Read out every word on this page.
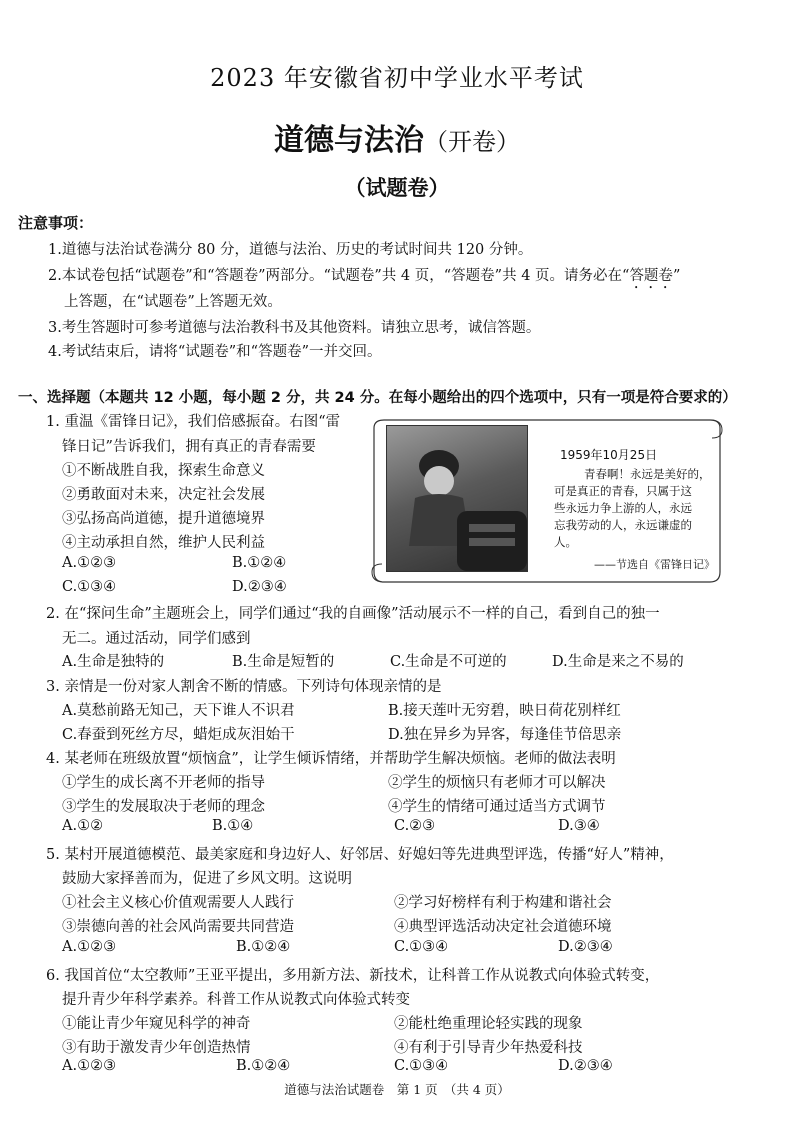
2023 年安徽省初中学业水平考试
道德与法治（开卷）
（试题卷）
注意事项：
1.道德与法治试卷满分 80 分，道德与法治、历史的考试时间共 120 分钟。
2.本试卷包括“试题卷”和“答题卷”两部分。“试题卷”共 4 页，“答题卷”共 4 页。请务必在“答题卷”
上答题，在“试题卷”上答题无效。
3.考生答题时可参考道德与法治教科书及其他资料。请独立思考，诚信答题。
4.考试结束后，请将“试题卷”和“答题卷”一并交回。
一、选择题（本题共 12 小题，每小题 2 分，共 24 分。在每小题给出的四个选项中，只有一项是符合要求的）
1. 重温《雷锋日记》，我们倍感振奋。右图“雷
锋日记”告诉我们，拥有真正的青春需要
①不断战胜自我，探索生命意义
②勇敢面对未来，决定社会发展
③弘扬高尚道德，提升道德境界
④主动承担自然，维护人民利益
A.①②③	B.①②④
C.①③④	D.②③④
1959年10月25日
青春啊！永远是美好的，
可是真正的青春，只属于这
些永远力争上游的人，永远
忘我劳动的人，永远谦虚的
人。
——节选自《雷锋日记》
2. 在“探问生命”主题班会上，同学们通过“我的自画像”活动展示不一样的自己，看到自己的独一
无二。通过活动，同学们感到
A.生命是独特的	B.生命是短暂的	C.生命是不可逆的	D.生命是来之不易的
3. 亲情是一份对家人割舍不断的情感。下列诗句体现亲情的是
A.莫愁前路无知己，天下谁人不识君	B.接天莲叶无穷碧，映日荷花别样红
C.春蚕到死丝方尽，蜡炬成灰泪始干	D.独在异乡为异客，每逢佳节倍思亲
4. 某老师在班级放置“烦恼盒”，让学生倾诉情绪，并帮助学生解决烦恼。老师的做法表明
①学生的成长离不开老师的指导	②学生的烦恼只有老师才可以解决
③学生的发展取决于老师的理念	④学生的情绪可通过适当方式调节
A.①②	B.①④	C.②③	D.③④
5. 某村开展道德模范、最美家庭和身边好人、好邻居、好媳妇等先进典型评选，传播“好人”精神，
鼓励大家择善而为，促进了乡风文明。这说明
①社会主义核心价值观需要人人践行	②学习好榜样有利于构建和谐社会
③崇德向善的社会风尚需要共同营造	④典型评选活动决定社会道德环境
A.①②③	B.①②④	C.①③④	D.②③④
6. 我国首位“太空教师”王亚平提出，多用新方法、新技术，让科普工作从说教式向体验式转变，
提升青少年科学素养。科普工作从说教式向体验式转变
①能让青少年窥见科学的神奇	②能杜绝重理论轻实践的现象
③有助于激发青少年创造热情	④有利于引导青少年热爱科技
A.①②③	B.①②④	C.①③④	D.②③④
道德与法治试题卷　第 1 页　（共 4 页）
